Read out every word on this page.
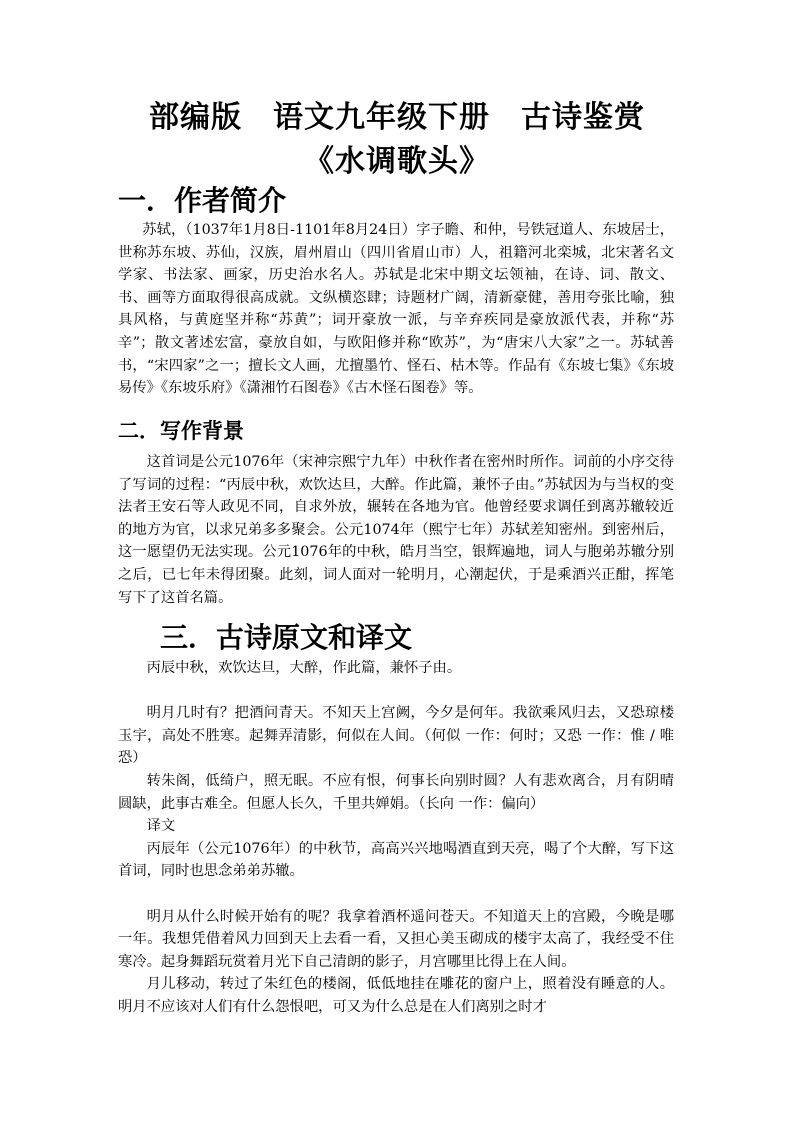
部编版　语文九年级下册　古诗鉴赏
《水调歌头》
一．作者简介

苏轼，（1037年1月8日-1101年8月24日）字子瞻、和仲，号铁冠道人、东坡居士，世称苏东坡、苏仙，汉族，眉州眉山（四川省眉山市）人，祖籍河北栾城，北宋著名文学家、书法家、画家，历史治水名人。苏轼是北宋中期文坛领袖，在诗、词、散文、书、画等方面取得很高成就。文纵横恣肆；诗题材广阔，清新豪健，善用夸张比喻，独具风格，与黄庭坚并称“苏黄”；词开豪放一派，与辛弃疾同是豪放派代表，并称“苏辛”；散文著述宏富，豪放自如，与欧阳修并称“欧苏”，为“唐宋八大家”之一。苏轼善书，“宋四家”之一；擅长文人画，尤擅墨竹、怪石、枯木等。作品有《东坡七集》《东坡易传》《东坡乐府》《潇湘竹石图卷》《古木怪石图卷》等。

二．写作背景

这首词是公元1076年（宋神宗熙宁九年）中秋作者在密州时所作。词前的小序交待了写词的过程：“丙辰中秋，欢饮达旦，大醉。作此篇，兼怀子由。”苏轼因为与当权的变法者王安石等人政见不同，自求外放，辗转在各地为官。他曾经要求调任到离苏辙较近的地方为官，以求兄弟多多聚会。公元1074年（熙宁七年）苏轼差知密州。到密州后，这一愿望仍无法实现。公元1076年的中秋，皓月当空，银辉遍地，词人与胞弟苏辙分别之后，已七年未得团聚。此刻，词人面对一轮明月，心潮起伏，于是乘酒兴正酣，挥笔写下了这首名篇。

三．古诗原文和译文

丙辰中秋，欢饮达旦，大醉，作此篇，兼怀子由。

明月几时有？把酒问青天。不知天上宫阙，今夕是何年。我欲乘风归去，又恐琼楼玉宇，高处不胜寒。起舞弄清影，何似在人间。（何似 一作：何时；又恐 一作：惟 / 唯恐）

转朱阁，低绮户，照无眠。不应有恨，何事长向别时圆？人有悲欢离合，月有阴晴圆缺，此事古难全。但愿人长久，千里共婵娟。（长向 一作：偏向）

译文

丙辰年（公元1076年）的中秋节，高高兴兴地喝酒直到天亮，喝了个大醉，写下这首词，同时也思念弟弟苏辙。

明月从什么时候开始有的呢？我拿着酒杯遥问苍天。不知道天上的宫殿，今晚是哪一年。我想凭借着风力回到天上去看一看，又担心美玉砌成的楼宇太高了，我经受不住寒冷。起身舞蹈玩赏着月光下自己清朗的影子，月宫哪里比得上在人间。

月儿移动，转过了朱红色的楼阁，低低地挂在雕花的窗户上，照着没有睡意的人。明月不应该对人们有什么怨恨吧，可又为什么总是在人们离别之时才
